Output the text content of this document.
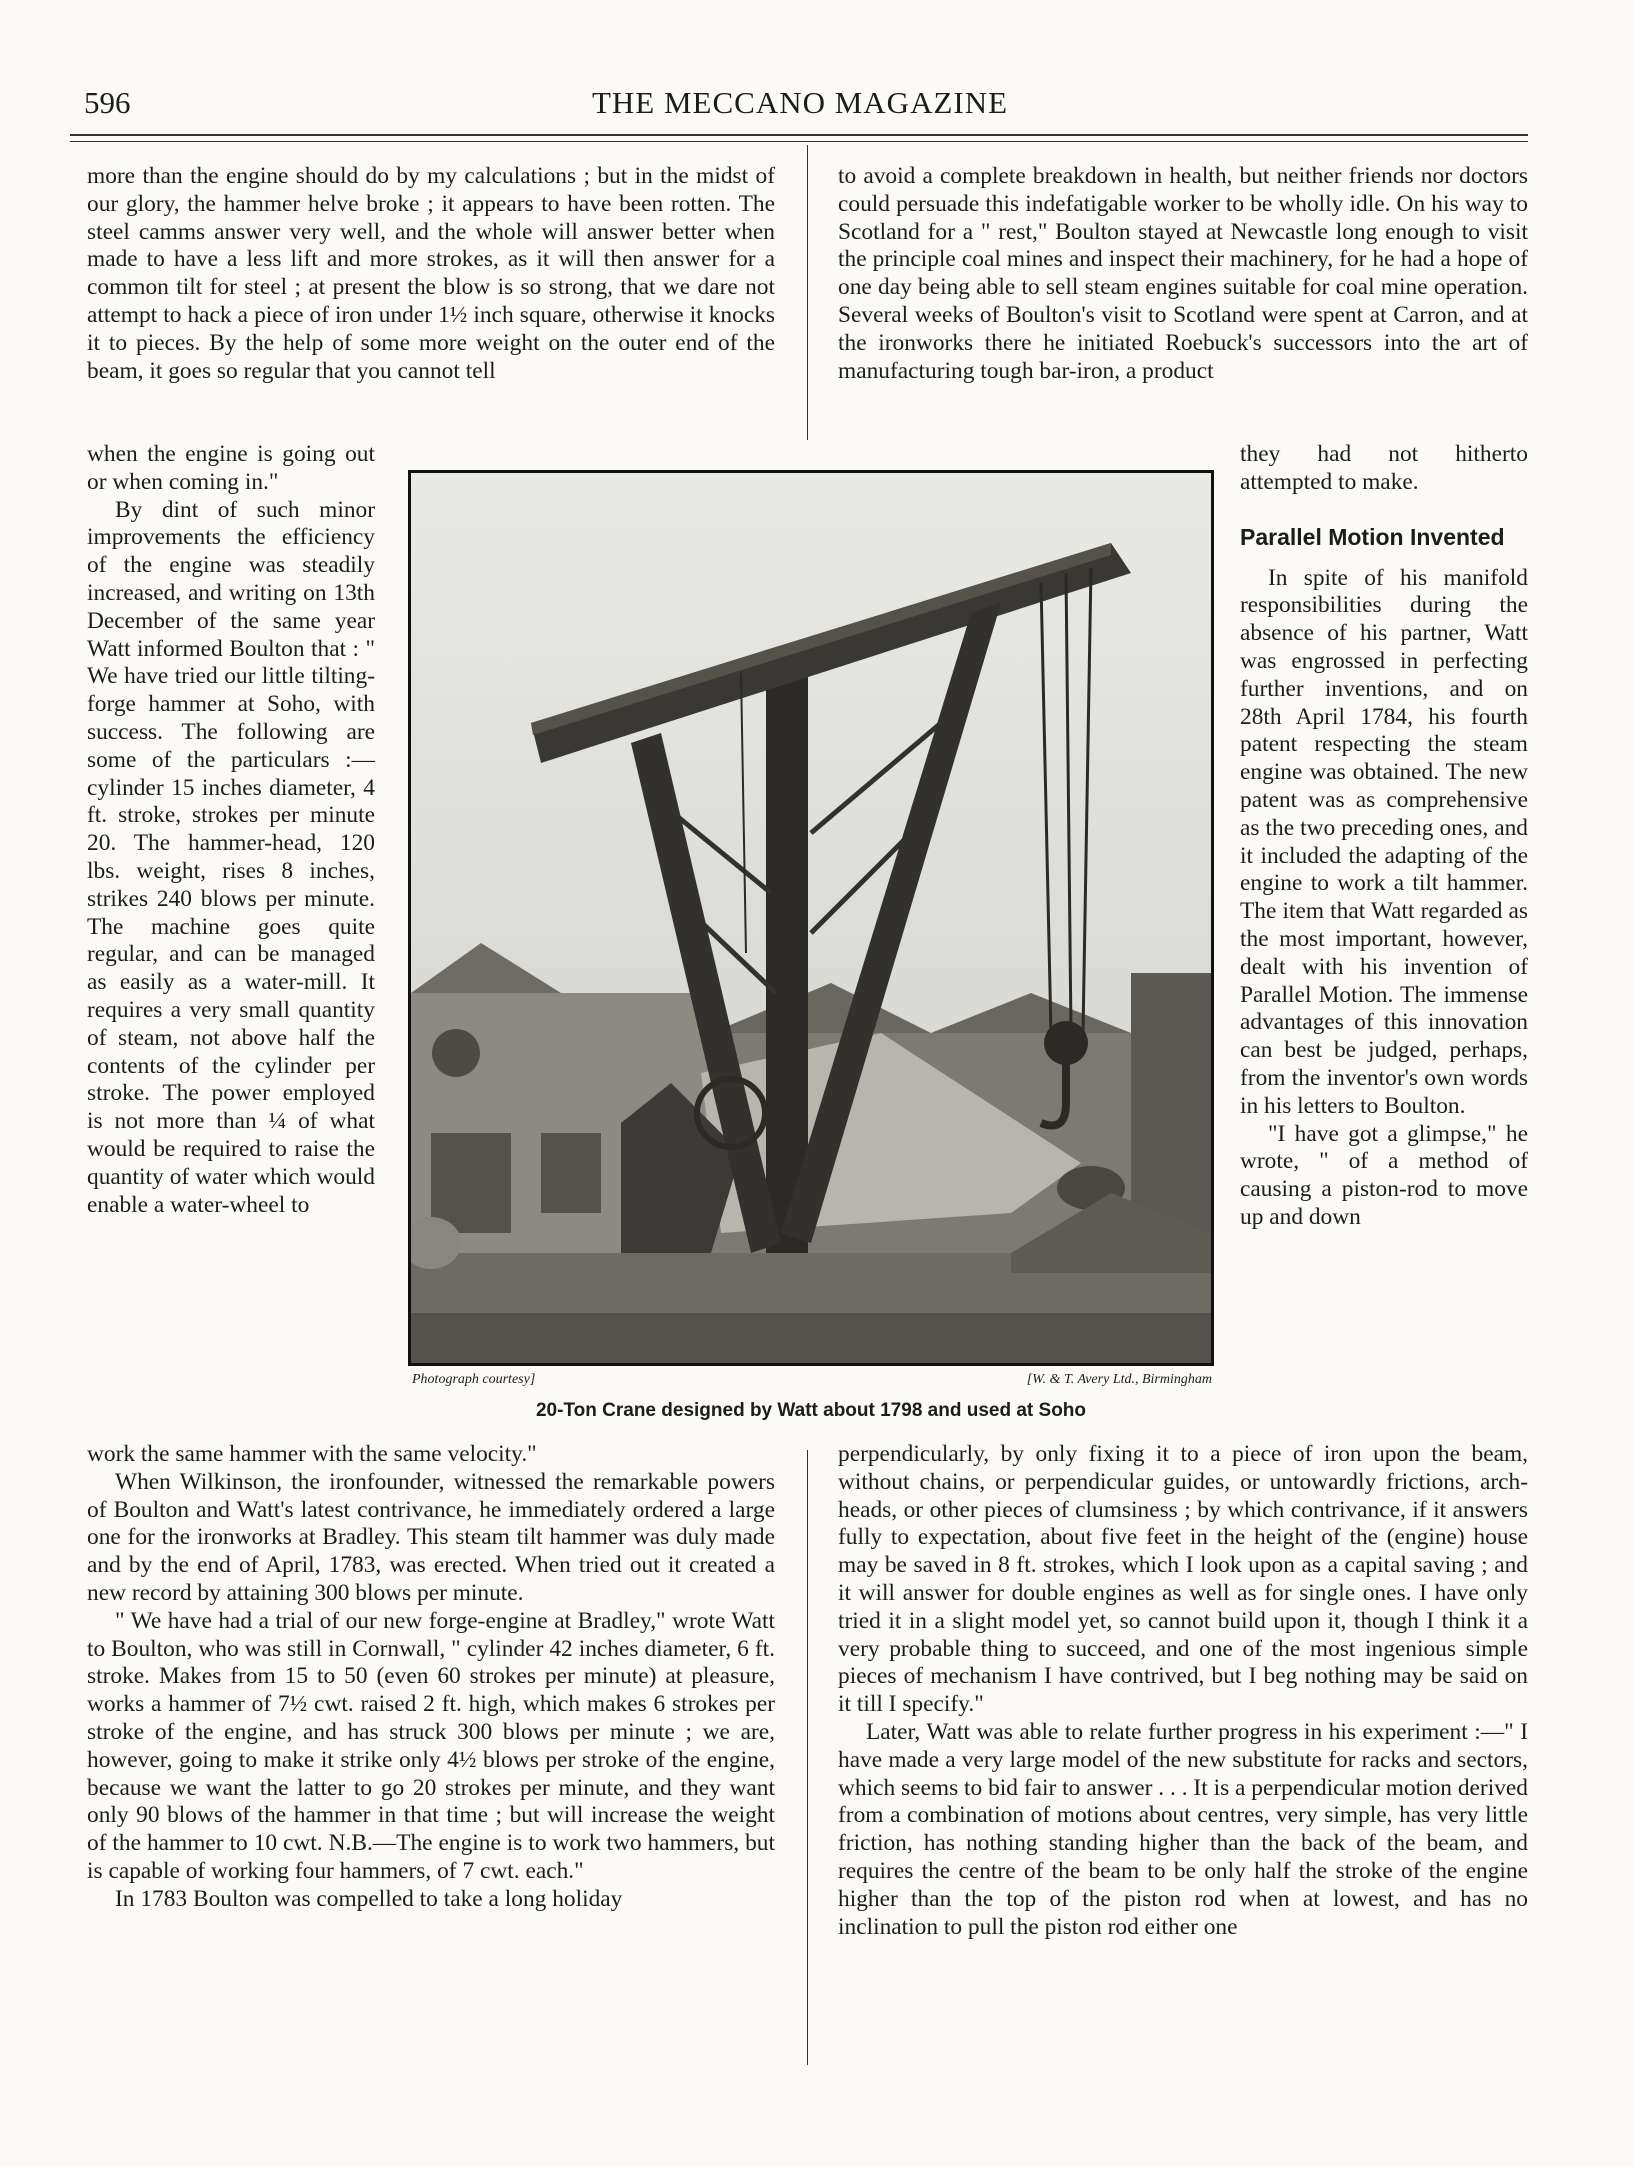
596	THE MECCANO MAGAZINE

more than the engine should do by my calculations ; but in the midst of our glory, the hammer helve broke ; it appears to have been rotten. The steel camms answer very well, and the whole will answer better when made to have a less lift and more strokes, as it will then answer for a common tilt for steel ; at present the blow is so strong, that we dare not attempt to hack a piece of iron under 1½ inch square, otherwise it knocks it to pieces. By the help of some more weight on the outer end of the beam, it goes so regular that you cannot tell

when the engine is going out or when coming in."

By dint of such minor improvements the efficiency of the engine was steadily increased, and writing on 13th December of the same year Watt informed Boulton that : " We have tried our little tilting-forge hammer at Soho, with success. The following are some of the particulars :—cylinder 15 inches diameter, 4 ft. stroke, strokes per minute 20. The hammer-head, 120 lbs. weight, rises 8 inches, strikes 240 blows per minute. The machine goes quite regular, and can be managed as easily as a water-mill. It requires a very small quantity of steam, not above half the contents of the cylinder per stroke. The power employed is not more than ¼ of what would be required to raise the quantity of water which would enable a water-wheel to

to avoid a complete breakdown in health, but neither friends nor doctors could persuade this indefatigable worker to be wholly idle. On his way to Scotland for a " rest," Boulton stayed at Newcastle long enough to visit the principle coal mines and inspect their machinery, for he had a hope of one day being able to sell steam engines suitable for coal mine operation. Several weeks of Boulton's visit to Scotland were spent at Carron, and at the ironworks there he initiated Roebuck's successors into the art of manufacturing tough bar-iron, a product

they had not hitherto attempted to make.

Parallel Motion Invented

In spite of his manifold responsibilities during the absence of his partner, Watt was engrossed in perfecting further inventions, and on 28th April 1784, his fourth patent respecting the steam engine was obtained. The new patent was as comprehensive as the two preceding ones, and it included the adapting of the engine to work a tilt hammer. The item that Watt regarded as the most important, however, dealt with his invention of Parallel Motion. The immense advantages of this innovation can best be judged, perhaps, from the inventor's own words in his letters to Boulton.

"I have got a glimpse," he wrote, " of a method of causing a piston-rod to move up and down

Photograph courtesy]	[W. & T. Avery Ltd., Birmingham
20-Ton Crane designed by Watt about 1798 and used at Soho

work the same hammer with the same velocity."

When Wilkinson, the ironfounder, witnessed the remarkable powers of Boulton and Watt's latest contrivance, he immediately ordered a large one for the ironworks at Bradley. This steam tilt hammer was duly made and by the end of April, 1783, was erected. When tried out it created a new record by attaining 300 blows per minute.

" We have had a trial of our new forge-engine at Bradley," wrote Watt to Boulton, who was still in Cornwall, " cylinder 42 inches diameter, 6 ft. stroke. Makes from 15 to 50 (even 60 strokes per minute) at pleasure, works a hammer of 7½ cwt. raised 2 ft. high, which makes 6 strokes per stroke of the engine, and has struck 300 blows per minute ; we are, however, going to make it strike only 4½ blows per stroke of the engine, because we want the latter to go 20 strokes per minute, and they want only 90 blows of the hammer in that time ; but will increase the weight of the hammer to 10 cwt. N.B.—The engine is to work two hammers, but is capable of working four hammers, of 7 cwt. each."

In 1783 Boulton was compelled to take a long holiday

perpendicularly, by only fixing it to a piece of iron upon the beam, without chains, or perpendicular guides, or untowardly frictions, arch-heads, or other pieces of clumsiness ; by which contrivance, if it answers fully to expectation, about five feet in the height of the (engine) house may be saved in 8 ft. strokes, which I look upon as a capital saving ; and it will answer for double engines as well as for single ones. I have only tried it in a slight model yet, so cannot build upon it, though I think it a very probable thing to succeed, and one of the most ingenious simple pieces of mechanism I have contrived, but I beg nothing may be said on it till I specify."

Later, Watt was able to relate further progress in his experiment :—" I have made a very large model of the new substitute for racks and sectors, which seems to bid fair to answer . . . It is a perpendicular motion derived from a combination of motions about centres, very simple, has very little friction, has nothing standing higher than the back of the beam, and requires the centre of the beam to be only half the stroke of the engine higher than the top of the piston rod when at lowest, and has no inclination to pull the piston rod either one
